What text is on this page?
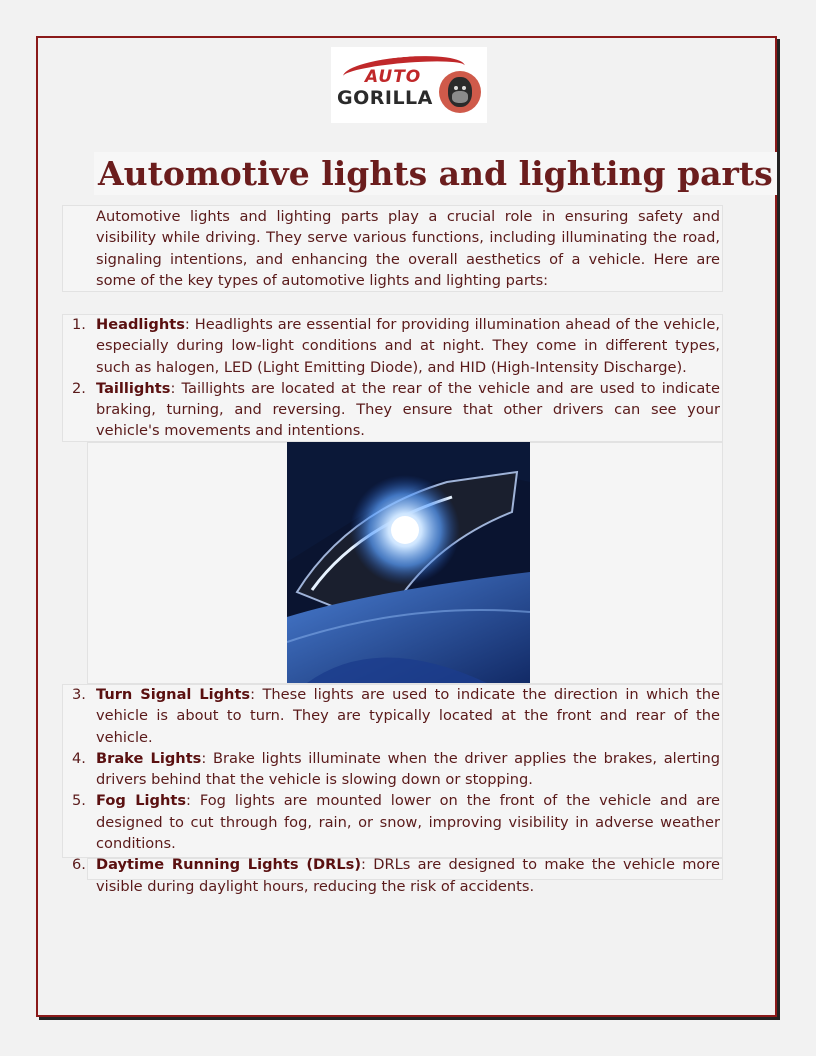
AUTO
GORILLA
Automotive lights and lighting parts

Automotive lights and lighting parts play a crucial role in ensuring safety and visibility while driving. They serve various functions, including illuminating the road, signaling intentions, and enhancing the overall aesthetics of a vehicle. Here are some of the key types of automotive lights and lighting parts:

1. Headlights: Headlights are essential for providing illumination ahead of the vehicle, especially during low-light conditions and at night. They come in different types, such as halogen, LED (Light Emitting Diode), and HID (High-Intensity Discharge).
2. Taillights: Taillights are located at the rear of the vehicle and are used to indicate braking, turning, and reversing. They ensure that other drivers can see your vehicle's movements and intentions.
3. Turn Signal Lights: These lights are used to indicate the direction in which the vehicle is about to turn. They are typically located at the front and rear of the vehicle.
4. Brake Lights: Brake lights illuminate when the driver applies the brakes, alerting drivers behind that the vehicle is slowing down or stopping.
5. Fog Lights: Fog lights are mounted lower on the front of the vehicle and are designed to cut through fog, rain, or snow, improving visibility in adverse weather conditions.
6. Daytime Running Lights (DRLs): DRLs are designed to make the vehicle more visible during daylight hours, reducing the risk of accidents.
